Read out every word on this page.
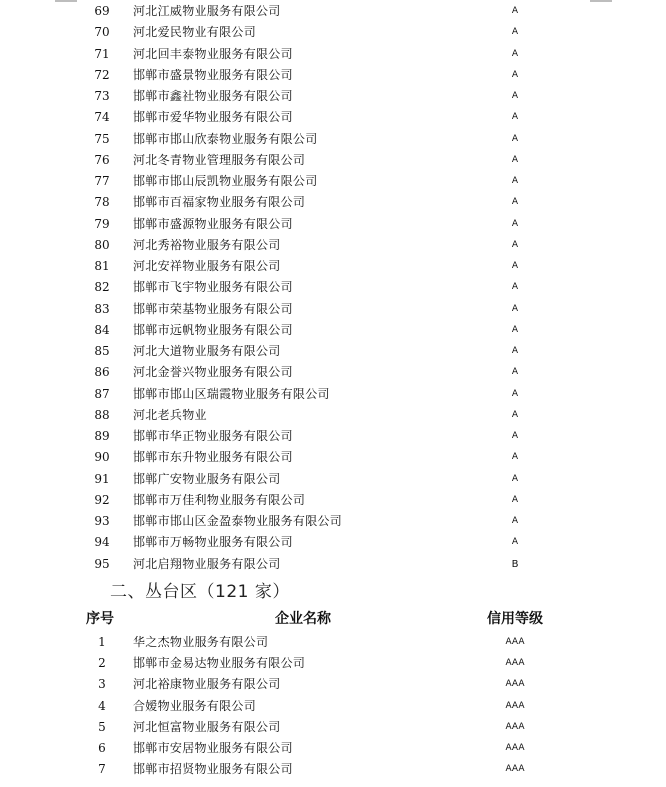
69	河北江威物业服务有限公司	A
70	河北爱民物业有限公司	A
71	河北回丰泰物业服务有限公司	A
72	邯郸市盛景物业服务有限公司	A
73	邯郸市鑫社物业服务有限公司	A
74	邯郸市爱华物业服务有限公司	A
75	邯郸市邯山欣泰物业服务有限公司	A
76	河北冬青物业管理服务有限公司	A
77	邯郸市邯山辰凯物业服务有限公司	A
78	邯郸市百福家物业服务有限公司	A
79	邯郸市盛源物业服务有限公司	A
80	河北秀裕物业服务有限公司	A
81	河北安祥物业服务有限公司	A
82	邯郸市飞宇物业服务有限公司	A
83	邯郸市荣基物业服务有限公司	A
84	邯郸市远帆物业服务有限公司	A
85	河北大道物业服务有限公司	A
86	河北金誉兴物业服务有限公司	A
87	邯郸市邯山区瑞霞物业服务有限公司	A
88	河北老兵物业	A
89	邯郸市华正物业服务有限公司	A
90	邯郸市东升物业服务有限公司	A
91	邯郸广安物业服务有限公司	A
92	邯郸市万佳利物业服务有限公司	A
93	邯郸市邯山区金盈泰物业服务有限公司	A
94	邯郸市万畅物业服务有限公司	A
95	河北启翔物业服务有限公司	B
二、丛台区（121 家）
序号	企业名称	信用等级
1	华之杰物业服务有限公司	AAA
2	邯郸市金易达物业服务有限公司	AAA
3	河北裕康物业服务有限公司	AAA
4	合嫒物业服务有限公司	AAA
5	河北恒富物业服务有限公司	AAA
6	邯郸市安居物业服务有限公司	AAA
7	邯郸市招贤物业服务有限公司	AAA
